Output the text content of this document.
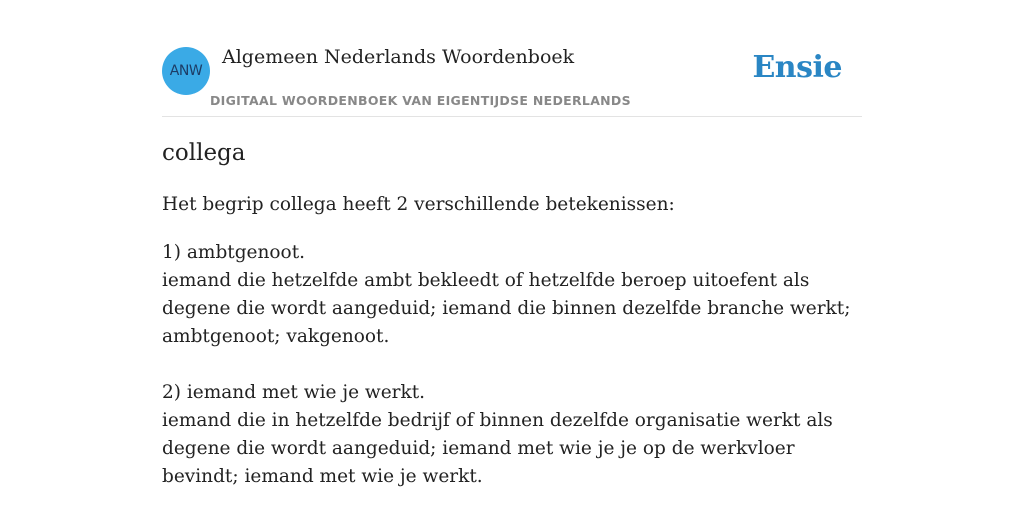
ANW
Algemeen Nederlands Woordenboek
DIGITAAL WOORDENBOEK VAN EIGENTIJDSE NEDERLANDS
Ensie
collega

Het begrip collega heeft 2 verschillende betekenissen:

1) ambtgenoot.
iemand die hetzelfde ambt bekleedt of hetzelfde beroep uitoefent als degene die wordt aangeduid; iemand die binnen dezelfde branche werkt; ambtgenoot; vakgenoot.
2) iemand met wie je werkt.
iemand die in hetzelfde bedrijf of binnen dezelfde organisatie werkt als degene die wordt aangeduid; iemand met wie je je op de werkvloer bevindt; iemand met wie je werkt.
